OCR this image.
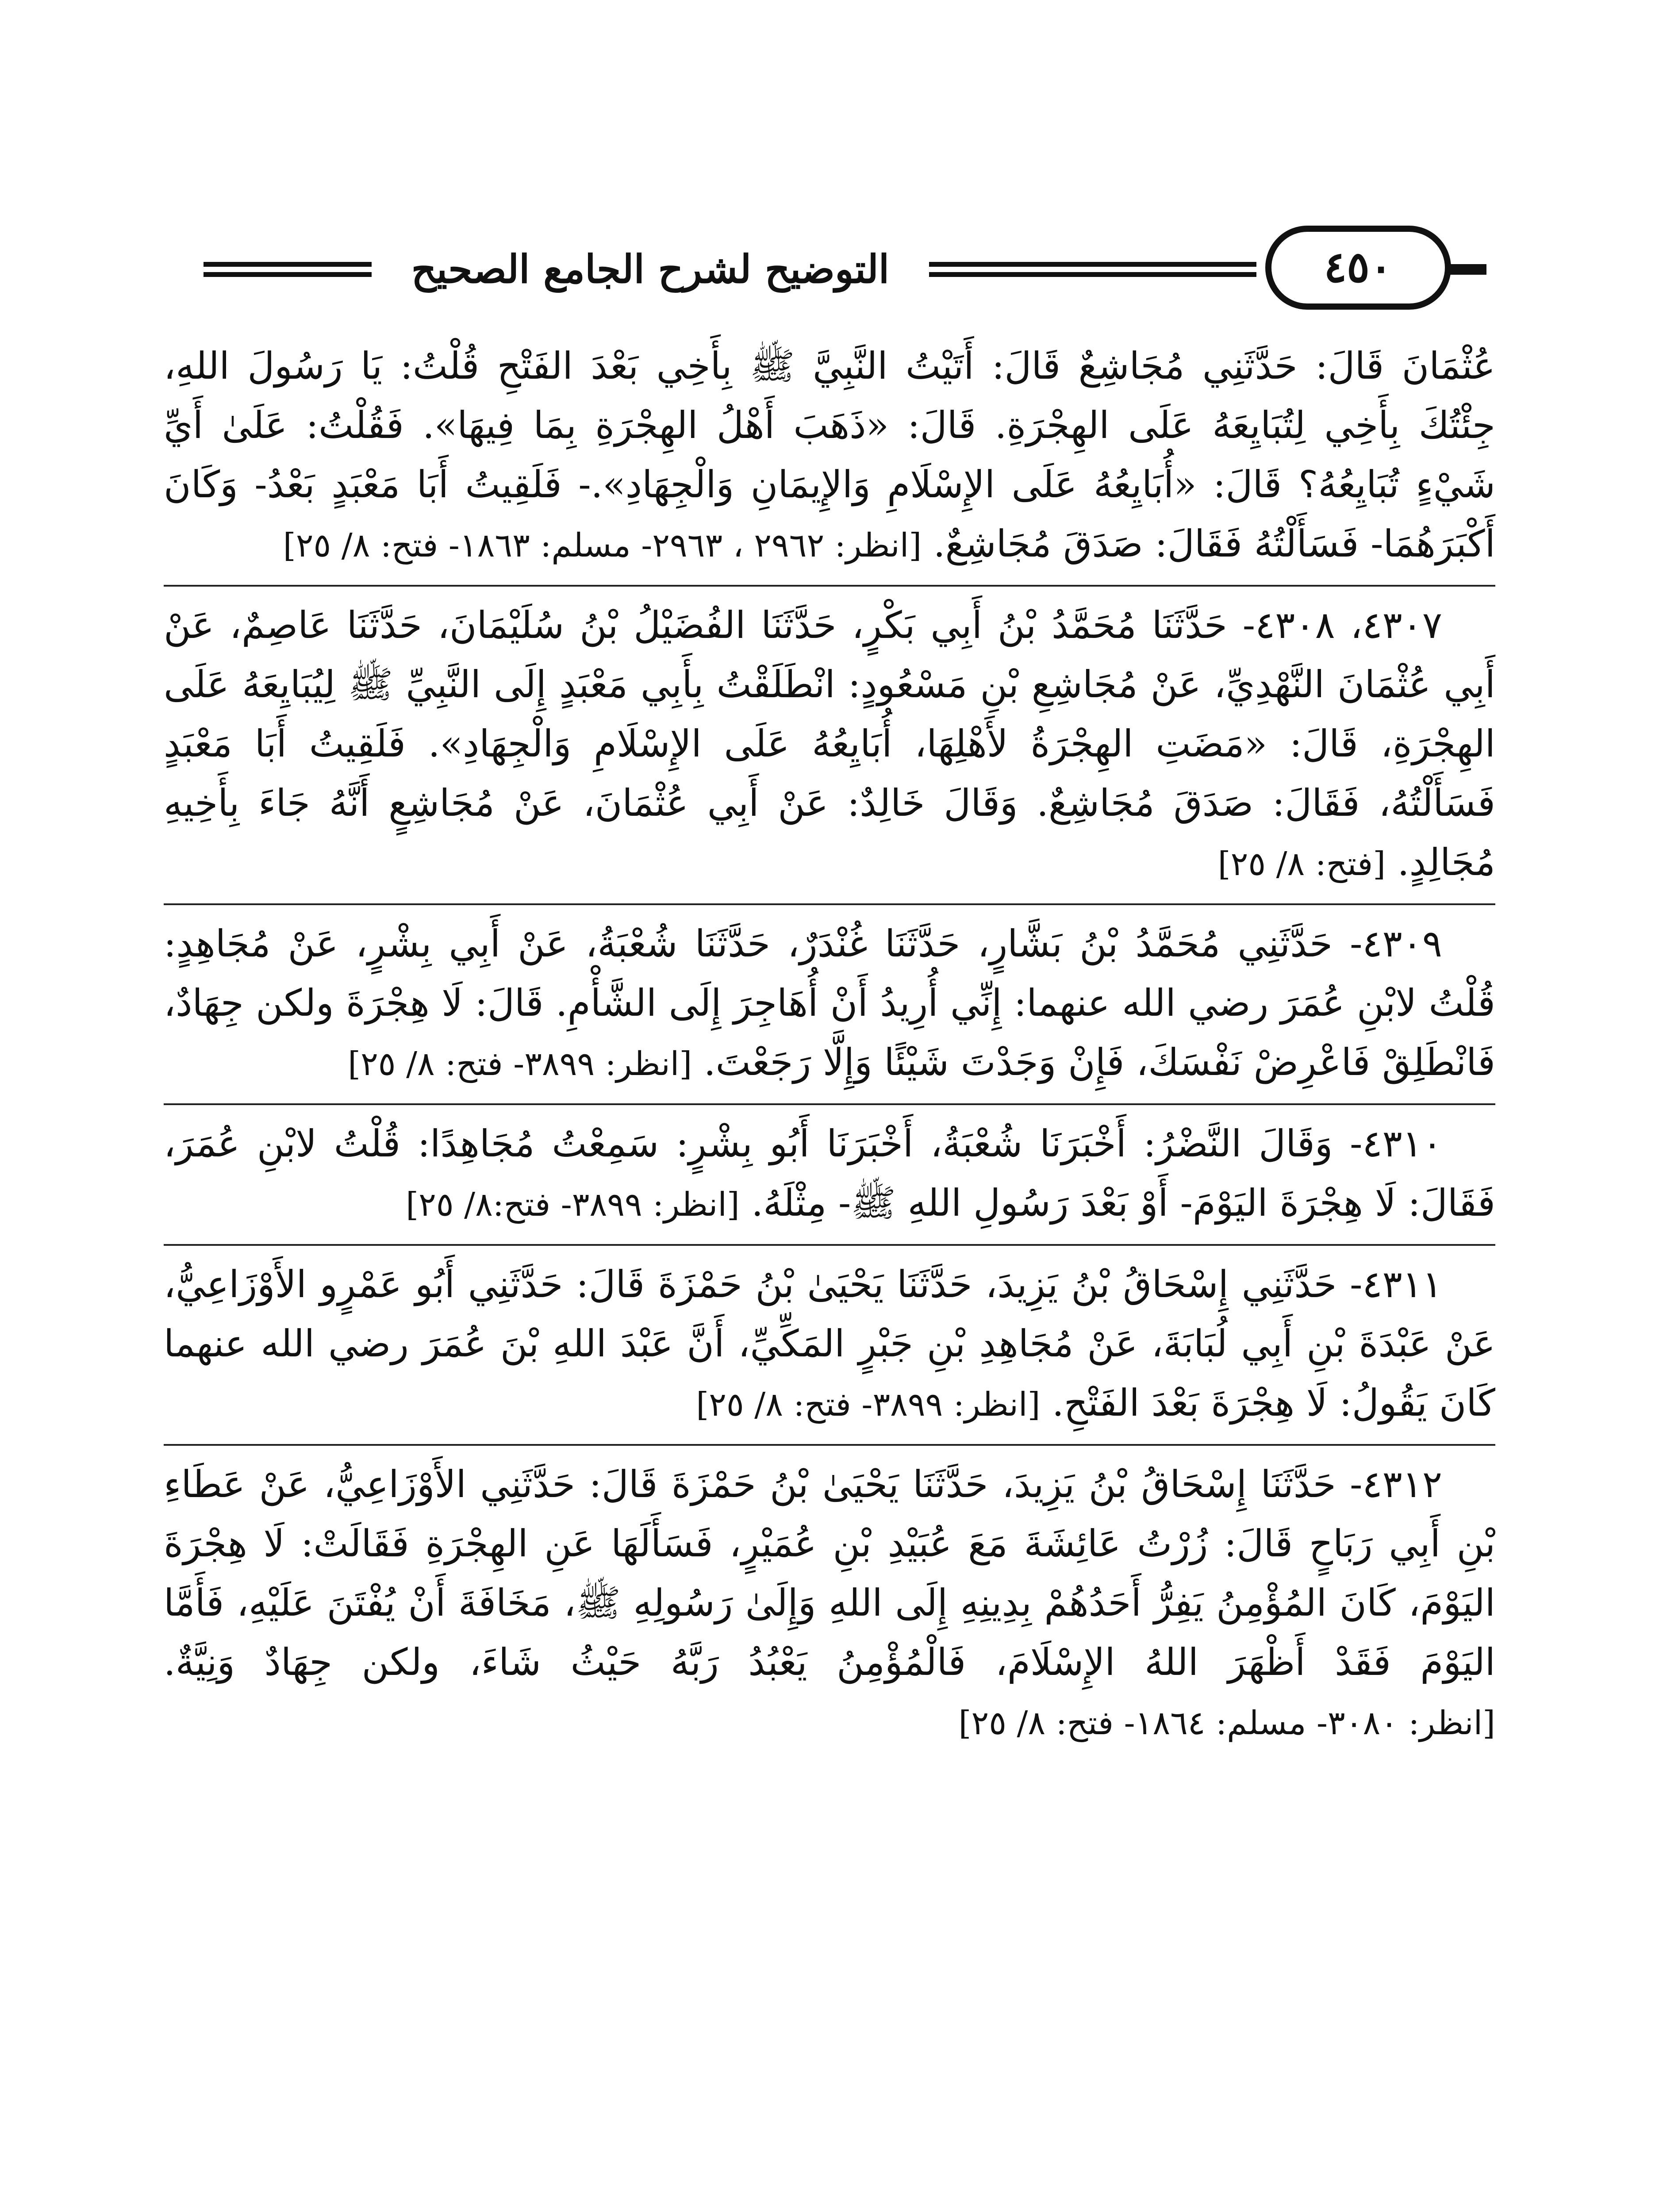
التوضيح لشرح الجامع الصحيح	٤٥٠

عُثْمَانَ قَالَ: حَدَّثَنِي مُجَاشِعٌ قَالَ: أَتَيْتُ النَّبِيَّ ﷺ بِأَخِي بَعْدَ الفَتْحِ قُلْتُ: يَا رَسُولَ اللهِ، جِئْتُكَ بِأَخِي لِتُبَايِعَهُ عَلَى الهِجْرَةِ. قَالَ: «ذَهَبَ أَهْلُ الهِجْرَةِ بِمَا فِيهَا». فَقُلْتُ: عَلَىٰ أَيِّ شَيْءٍ تُبَايِعُهُ؟ قَالَ: «أُبَايِعُهُ عَلَى الإِسْلَامِ وَالإِيمَانِ وَالْجِهَادِ».- فَلَقِيتُ أَبَا مَعْبَدٍ بَعْدُ- وَكَانَ أَكْبَرَهُمَا- فَسَأَلْتُهُ فَقَالَ: صَدَقَ مُجَاشِعٌ. [انظر: ٢٩٦٢ ، ٢٩٦٣- مسلم: ١٨٦٣- فتح: ٨/ ٢٥]

٤٣٠٧، ٤٣٠٨- حَدَّثَنَا مُحَمَّدُ بْنُ أَبِي بَكْرٍ، حَدَّثَنَا الفُضَيْلُ بْنُ سُلَيْمَانَ، حَدَّثَنَا عَاصِمٌ، عَنْ أَبِي عُثْمَانَ النَّهْدِيِّ، عَنْ مُجَاشِعِ بْنِ مَسْعُودٍ: انْطَلَقْتُ بِأَبِي مَعْبَدٍ إِلَى النَّبِيِّ ﷺ لِيُبَايِعَهُ عَلَى الهِجْرَةِ، قَالَ: «مَضَتِ الهِجْرَةُ لأَهْلِهَا، أُبَايِعُهُ عَلَى الإِسْلَامِ وَالْجِهَادِ». فَلَقِيتُ أَبَا مَعْبَدٍ فَسَأَلْتُهُ، فَقَالَ: صَدَقَ مُجَاشِعٌ. وَقَالَ خَالِدٌ: عَنْ أَبِي عُثْمَانَ، عَنْ مُجَاشِعٍ أَنَّهُ جَاءَ بِأَخِيهِ مُجَالِدٍ. [فتح: ٨/ ٢٥]

٤٣٠٩- حَدَّثَنِي مُحَمَّدُ بْنُ بَشَّارٍ، حَدَّثَنَا غُنْدَرٌ، حَدَّثَنَا شُعْبَةُ، عَنْ أَبِي بِشْرٍ، عَنْ مُجَاهِدٍ: قُلْتُ لابْنِ عُمَرَ رضي الله عنهما: إِنِّي أُرِيدُ أَنْ أُهَاجِرَ إِلَى الشَّأْمِ. قَالَ: لَا هِجْرَةَ ولكن جِهَادٌ، فَانْطَلِقْ فَاعْرِضْ نَفْسَكَ، فَإِنْ وَجَدْتَ شَيْئًا وَإِلَّا رَجَعْتَ. [انظر: ٣٨٩٩- فتح: ٨/ ٢٥]

٤٣١٠- وَقَالَ النَّضْرُ: أَخْبَرَنَا شُعْبَةُ، أَخْبَرَنَا أَبُو بِشْرٍ: سَمِعْتُ مُجَاهِدًا: قُلْتُ لابْنِ عُمَرَ، فَقَالَ: لَا هِجْرَةَ اليَوْمَ- أَوْ بَعْدَ رَسُولِ اللهِ ﷺ- مِثْلَهُ. [انظر: ٣٨٩٩- فتح:٨/ ٢٥]

٤٣١١- حَدَّثَنِي إِسْحَاقُ بْنُ يَزِيدَ، حَدَّثَنَا يَحْيَىٰ بْنُ حَمْزَةَ قَالَ: حَدَّثَنِي أَبُو عَمْرٍو الأَوْزَاعِيُّ، عَنْ عَبْدَةَ بْنِ أَبِي لُبَابَةَ، عَنْ مُجَاهِدِ بْنِ جَبْرٍ المَكِّيِّ، أَنَّ عَبْدَ اللهِ بْنَ عُمَرَ رضي الله عنهما كَانَ يَقُولُ: لَا هِجْرَةَ بَعْدَ الفَتْحِ. [انظر: ٣٨٩٩- فتح: ٨/ ٢٥]

٤٣١٢- حَدَّثَنَا إِسْحَاقُ بْنُ يَزِيدَ، حَدَّثَنَا يَحْيَىٰ بْنُ حَمْزَةَ قَالَ: حَدَّثَنِي الأَوْزَاعِيُّ، عَنْ عَطَاءِ بْنِ أَبِي رَبَاحٍ قَالَ: زُرْتُ عَائِشَةَ مَعَ عُبَيْدِ بْنِ عُمَيْرٍ، فَسَأَلَهَا عَنِ الهِجْرَةِ فَقَالَتْ: لَا هِجْرَةَ اليَوْمَ، كَانَ المُؤْمِنُ يَفِرُّ أَحَدُهُمْ بِدِينِهِ إِلَى اللهِ وَإِلَىٰ رَسُولِهِ ﷺ، مَخَافَةَ أَنْ يُفْتَنَ عَلَيْهِ، فَأَمَّا اليَوْمَ فَقَدْ أَظْهَرَ اللهُ الإِسْلَامَ، فَالْمُؤْمِنُ يَعْبُدُ رَبَّهُ حَيْثُ شَاءَ، ولكن جِهَادٌ وَنِيَّةٌ. [انظر: ٣٠٨٠- مسلم: ١٨٦٤- فتح: ٨/ ٢٥]
